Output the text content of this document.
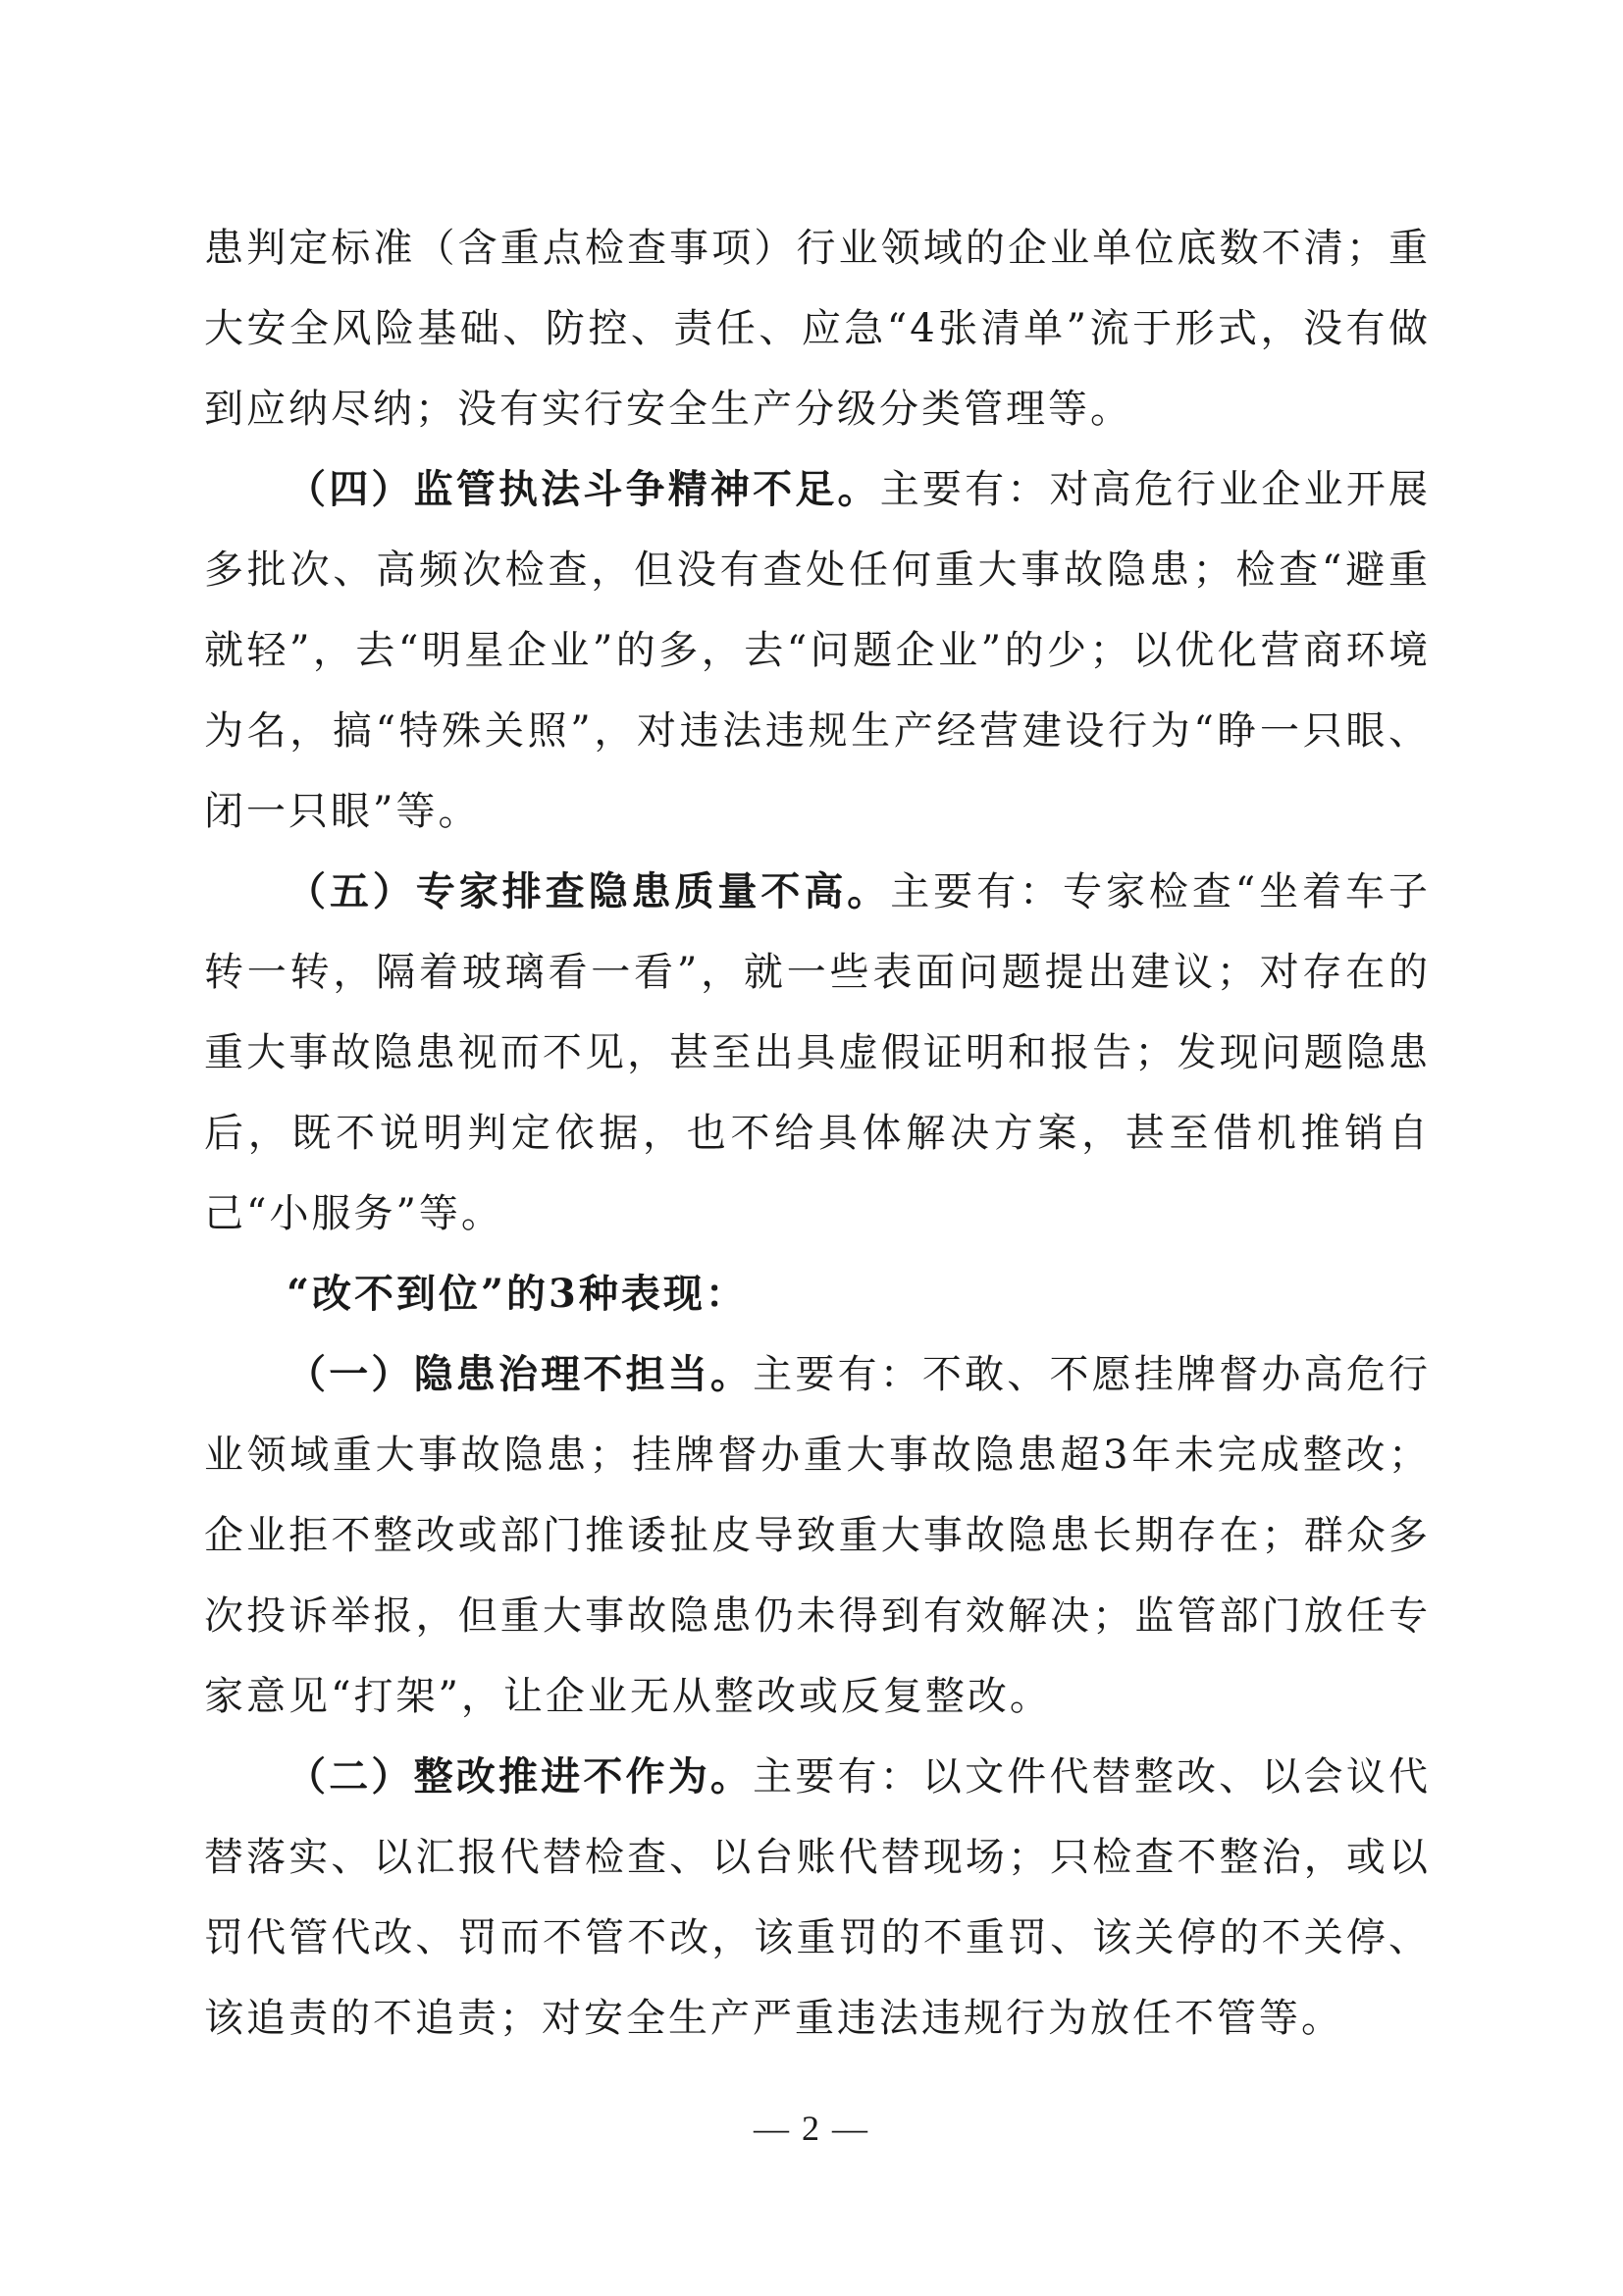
患判定标准（含重点检查事项）行业领域的企业单位底数不清；重大安全风险基础、防控、责任、应急“4张清单”流于形式，没有做到应纳尽纳；没有实行安全生产分级分类管理等。

（四）监管执法斗争精神不足。主要有：对高危行业企业开展多批次、高频次检查，但没有查处任何重大事故隐患；检查“避重就轻”，去“明星企业”的多，去“问题企业”的少；以优化营商环境为名，搞“特殊关照”，对违法违规生产经营建设行为“睁一只眼、闭一只眼”等。

（五）专家排查隐患质量不高。主要有：专家检查“坐着车子转一转，隔着玻璃看一看”，就一些表面问题提出建议；对存在的重大事故隐患视而不见，甚至出具虚假证明和报告；发现问题隐患后，既不说明判定依据，也不给具体解决方案，甚至借机推销自己“小服务”等。

“改不到位”的3种表现：

（一）隐患治理不担当。主要有：不敢、不愿挂牌督办高危行业领域重大事故隐患；挂牌督办重大事故隐患超3年未完成整改；企业拒不整改或部门推诿扯皮导致重大事故隐患长期存在；群众多次投诉举报，但重大事故隐患仍未得到有效解决；监管部门放任专家意见“打架”，让企业无从整改或反复整改。

（二）整改推进不作为。主要有：以文件代替整改、以会议代替落实、以汇报代替检查、以台账代替现场；只检查不整治，或以罚代管代改、罚而不管不改，该重罚的不重罚、该关停的不关停、该追责的不追责；对安全生产严重违法违规行为放任不管等。

— 2 —
